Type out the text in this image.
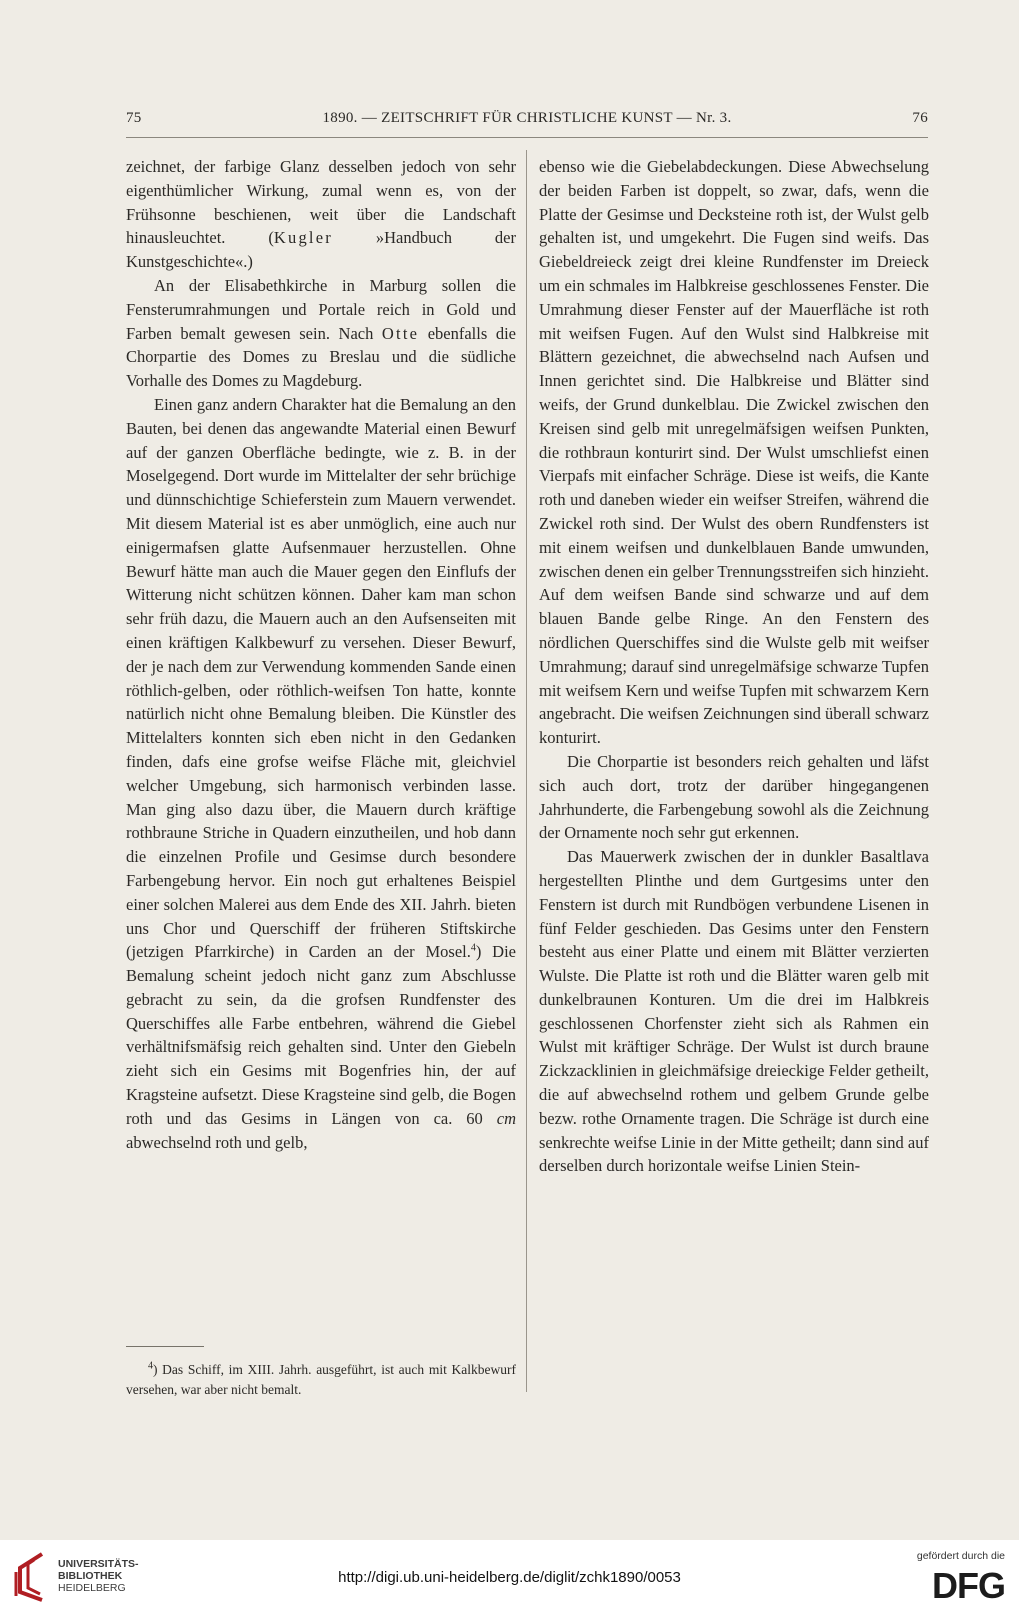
75	1890. — ZEITSCHRIFT FÜR CHRISTLICHE KUNST — Nr. 3.	76

zeichnet, der farbige Glanz desselben jedoch von sehr eigenthümlicher Wirkung, zumal wenn es, von der Frühsonne beschienen, weit über die Landschaft hinausleuchtet. (Kugler »Handbuch der Kunstgeschichte«.)

An der Elisabethkirche in Marburg sollen die Fensterumrahmungen und Portale reich in Gold und Farben bemalt gewesen sein. Nach Otte ebenfalls die Chorpartie des Domes zu Breslau und die südliche Vorhalle des Domes zu Magdeburg.

Einen ganz andern Charakter hat die Bemalung an den Bauten, bei denen das angewandte Material einen Bewurf auf der ganzen Oberfläche bedingte, wie z. B. in der Moselgegend. Dort wurde im Mittelalter der sehr brüchige und dünnschichtige Schieferstein zum Mauern verwendet. Mit diesem Material ist es aber unmöglich, eine auch nur einigermafsen glatte Aufsenmauer herzustellen. Ohne Bewurf hätte man auch die Mauer gegen den Einflufs der Witterung nicht schützen können. Daher kam man schon sehr früh dazu, die Mauern auch an den Aufsenseiten mit einen kräftigen Kalkbewurf zu versehen. Dieser Bewurf, der je nach dem zur Verwendung kommenden Sande einen röthlich-gelben, oder röthlich-weifsen Ton hatte, konnte natürlich nicht ohne Bemalung bleiben. Die Künstler des Mittelalters konnten sich eben nicht in den Gedanken finden, dafs eine grofse weifse Fläche mit, gleichviel welcher Umgebung, sich harmonisch verbinden lasse. Man ging also dazu über, die Mauern durch kräftige rothbraune Striche in Quadern einzutheilen, und hob dann die einzelnen Profile und Gesimse durch besondere Farbengebung hervor. Ein noch gut erhaltenes Beispiel einer solchen Malerei aus dem Ende des XII. Jahrh. bieten uns Chor und Querschiff der früheren Stiftskirche (jetzigen Pfarrkirche) in Carden an der Mosel.$^4$) Die Bemalung scheint jedoch nicht ganz zum Abschlusse gebracht zu sein, da die grofsen Rundfenster des Querschiffes alle Farbe entbehren, während die Giebel verhältnifsmäfsig reich gehalten sind. Unter den Giebeln zieht sich ein Gesims mit Bogenfries hin, der auf Kragsteine aufsetzt. Diese Kragsteine sind gelb, die Bogen roth und das Gesims in Längen von ca. 60 cm abwechselnd roth und gelb,

$^4$) Das Schiff, im XIII. Jahrh. ausgeführt, ist auch mit Kalkbewurf versehen, war aber nicht bemalt.

ebenso wie die Giebelabdeckungen. Diese Abwechselung der beiden Farben ist doppelt, so zwar, dafs, wenn die Platte der Gesimse und Decksteine roth ist, der Wulst gelb gehalten ist, und umgekehrt. Die Fugen sind weifs. Das Giebeldreieck zeigt drei kleine Rundfenster im Dreieck um ein schmales im Halbkreise geschlossenes Fenster. Die Umrahmung dieser Fenster auf der Mauerfläche ist roth mit weifsen Fugen. Auf den Wulst sind Halbkreise mit Blättern gezeichnet, die abwechselnd nach Aufsen und Innen gerichtet sind. Die Halbkreise und Blätter sind weifs, der Grund dunkelblau. Die Zwickel zwischen den Kreisen sind gelb mit unregelmäfsigen weifsen Punkten, die rothbraun konturirt sind. Der Wulst umschliefst einen Vierpafs mit einfacher Schräge. Diese ist weifs, die Kante roth und daneben wieder ein weifser Streifen, während die Zwickel roth sind. Der Wulst des obern Rundfensters ist mit einem weifsen und dunkelblauen Bande umwunden, zwischen denen ein gelber Trennungsstreifen sich hinzieht. Auf dem weifsen Bande sind schwarze und auf dem blauen Bande gelbe Ringe. An den Fenstern des nördlichen Querschiffes sind die Wulste gelb mit weifser Umrahmung; darauf sind unregelmäfsige schwarze Tupfen mit weifsem Kern und weifse Tupfen mit schwarzem Kern angebracht. Die weifsen Zeichnungen sind überall schwarz konturirt.

Die Chorpartie ist besonders reich gehalten und läfst sich auch dort, trotz der darüber hingegangenen Jahrhunderte, die Farbengebung sowohl als die Zeichnung der Ornamente noch sehr gut erkennen.

Das Mauerwerk zwischen der in dunkler Basaltlava hergestellten Plinthe und dem Gurtgesims unter den Fenstern ist durch mit Rundbögen verbundene Lisenen in fünf Felder geschieden. Das Gesims unter den Fenstern besteht aus einer Platte und einem mit Blätter verzierten Wulste. Die Platte ist roth und die Blätter waren gelb mit dunkelbraunen Konturen. Um die drei im Halbkreis geschlossenen Chorfenster zieht sich als Rahmen ein Wulst mit kräftiger Schräge. Der Wulst ist durch braune Zickzacklinien in gleichmäfsige dreieckige Felder getheilt, die auf abwechselnd rothem und gelbem Grunde gelbe bezw. rothe Ornamente tragen. Die Schräge ist durch eine senkrechte weifse Linie in der Mitte getheilt; dann sind auf derselben durch horizontale weifse Linien Stein-

UNIVERSITÄTS-
BIBLIOTHEK
HEIDELBERG
http://digi.ub.uni-heidelberg.de/diglit/zchk1890/0053
gefördert durch die
DFG
